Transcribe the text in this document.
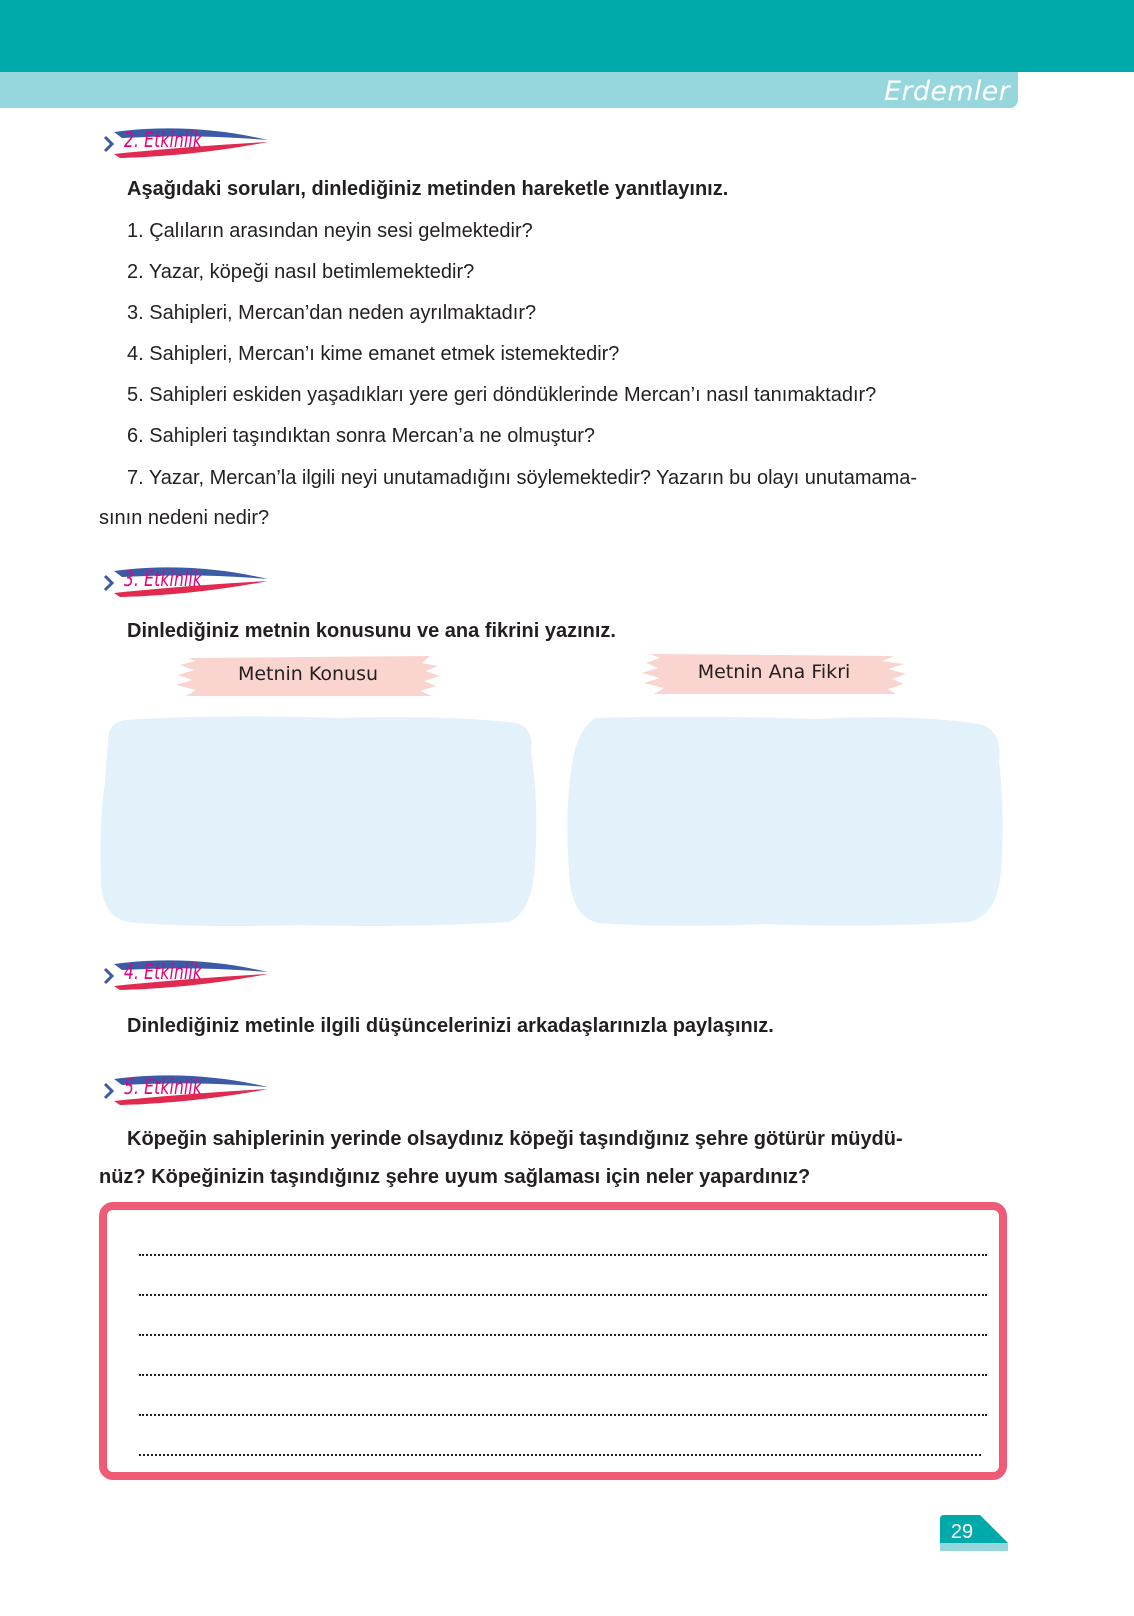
Erdemler
2. Etkinlik
Aşağıdaki soruları, dinlediğiniz metinden hareketle yanıtlayınız.
1. Çalıların arasından neyin sesi gelmektedir?
2. Yazar, köpeği nasıl betimlemektedir?
3. Sahipleri, Mercan’dan neden ayrılmaktadır?
4. Sahipleri, Mercan’ı kime emanet etmek istemektedir?
5. Sahipleri eskiden yaşadıkları yere geri döndüklerinde Mercan’ı nasıl tanımaktadır?
6. Sahipleri taşındıktan sonra Mercan’a ne olmuştur?
7. Yazar, Mercan’la ilgili neyi unutamadığını söylemektedir? Yazarın bu olayı unutamama-
sının nedeni nedir?
3. Etkinlik
Dinlediğiniz metnin konusunu ve ana fikrini yazınız.
Metnin Konusu	Metnin Ana Fikri
4. Etkinlik
Dinlediğiniz metinle ilgili düşüncelerinizi arkadaşlarınızla paylaşınız.
5. Etkinlik
Köpeğin sahiplerinin yerinde olsaydınız köpeği taşındığınız şehre götürür müydü-
nüz? Köpeğinizin taşındığınız şehre uyum sağlaması için neler yapardınız?
29
